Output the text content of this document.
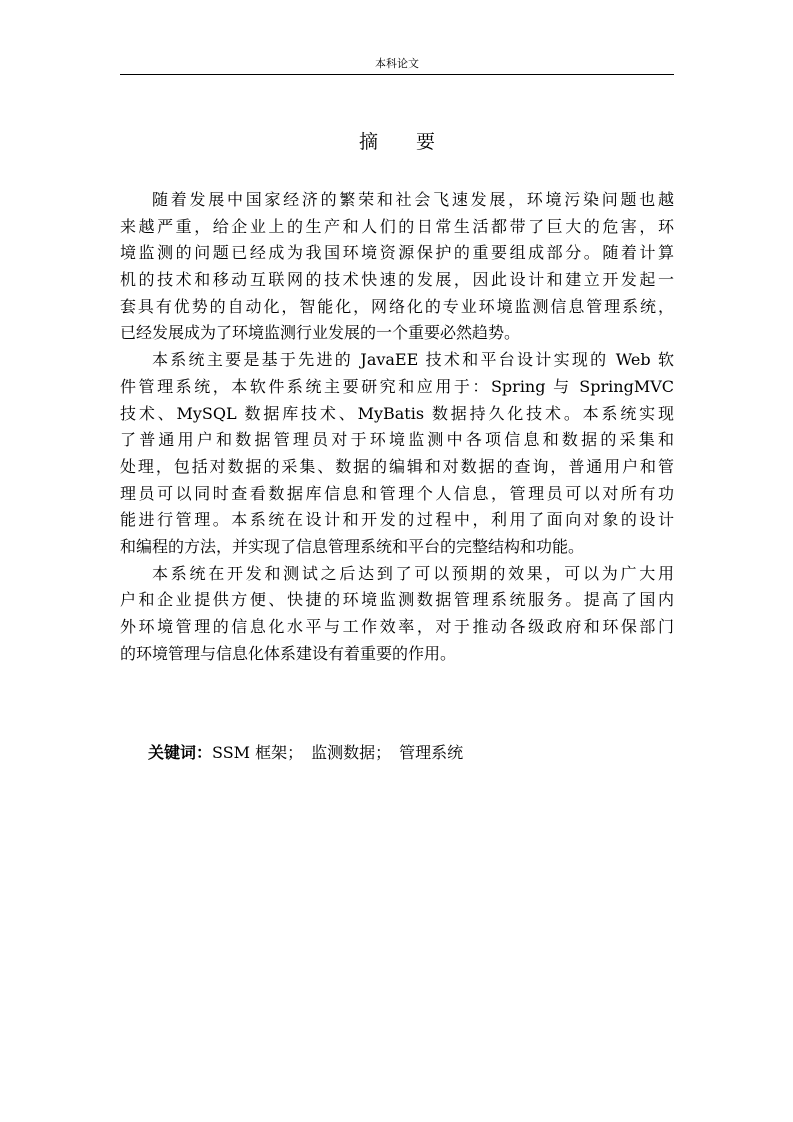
本科论文
摘　　要
随着发展中国家经济的繁荣和社会飞速发展，环境污染问题也越
来越严重，给企业上的生产和人们的日常生活都带了巨大的危害，环
境监测的问题已经成为我国环境资源保护的重要组成部分。随着计算
机的技术和移动互联网的技术快速的发展，因此设计和建立开发起一
套具有优势的自动化，智能化，网络化的专业环境监测信息管理系统，
已经发展成为了环境监测行业发展的一个重要必然趋势。
本系统主要是基于先进的 JavaEE 技术和平台设计实现的 Web 软
件管理系统，本软件系统主要研究和应用于：Spring 与 SpringMVC
技术、MySQL 数据库技术、MyBatis 数据持久化技术。本系统实现
了普通用户和数据管理员对于环境监测中各项信息和数据的采集和
处理，包括对数据的采集、数据的编辑和对数据的查询，普通用户和管
理员可以同时查看数据库信息和管理个人信息，管理员可以对所有功
能进行管理。本系统在设计和开发的过程中，利用了面向对象的设计
和编程的方法，并实现了信息管理系统和平台的完整结构和功能。
本系统在开发和测试之后达到了可以预期的效果，可以为广大用
户和企业提供方便、快捷的环境监测数据管理系统服务。提高了国内
外环境管理的信息化水平与工作效率，对于推动各级政府和环保部门
的环境管理与信息化体系建设有着重要的作用。
关键词：SSM 框架；　监测数据；　管理系统
